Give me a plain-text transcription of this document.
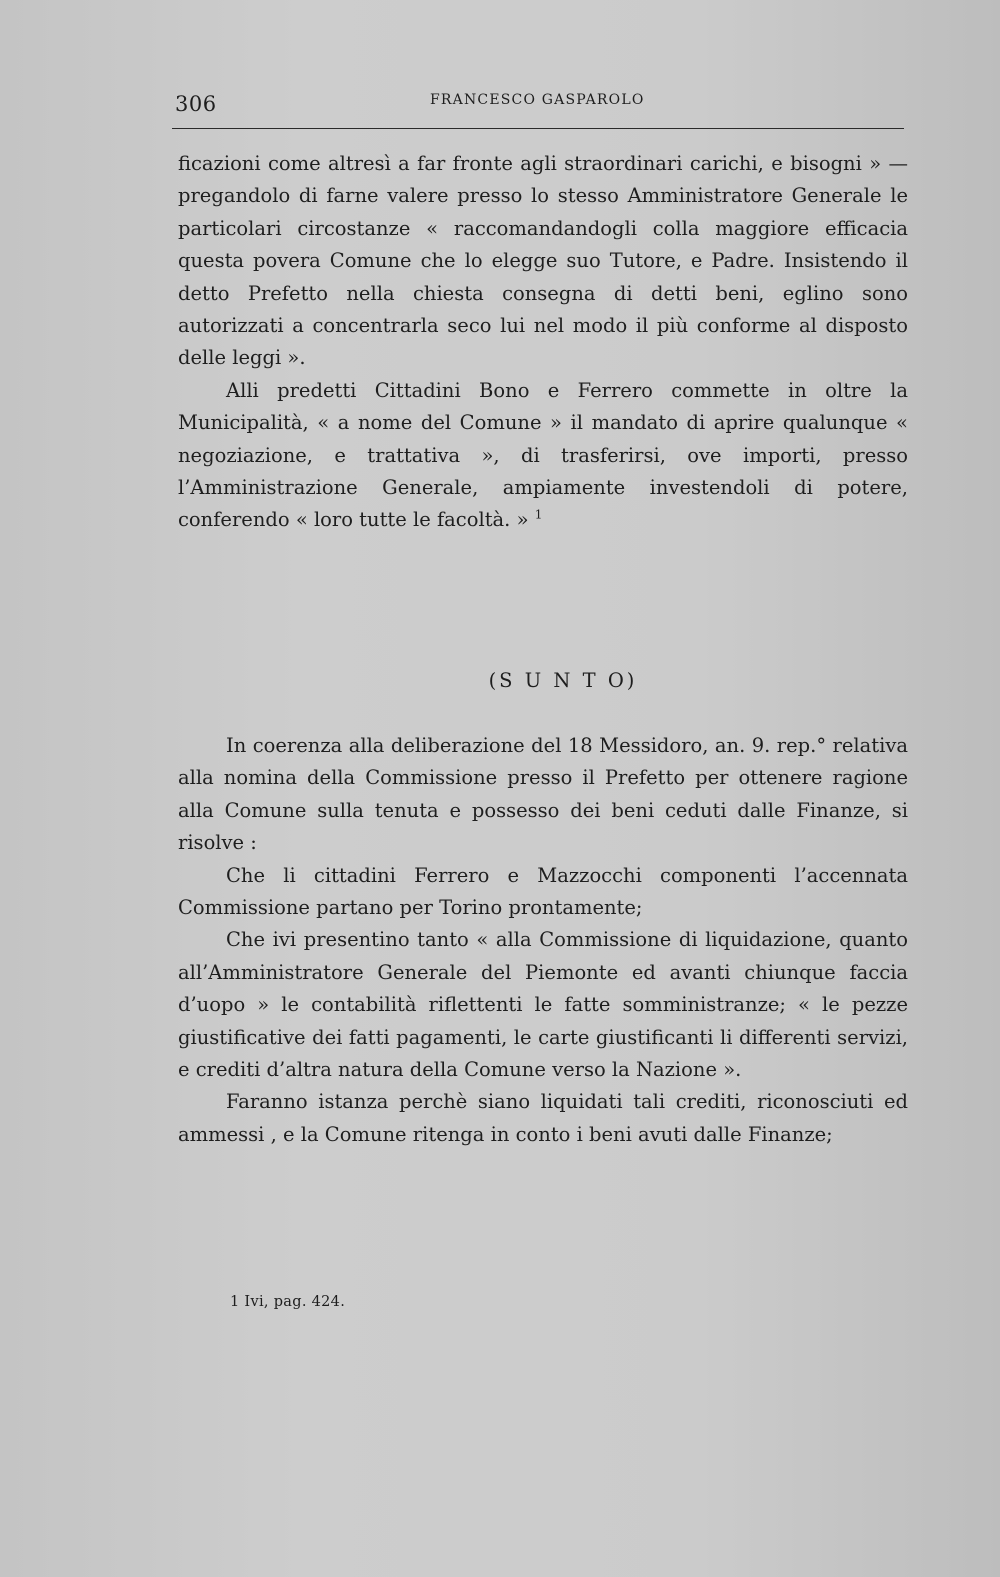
306	FRANCESCO GASPAROLO

ficazioni come altresì a far fronte agli straordinari carichi, e bisogni » — pregandolo di farne valere presso lo stesso Amministratore Generale le particolari circostanze « raccomandandogli colla maggiore efficacia questa povera Comune che lo elegge suo Tutore, e Padre. Insistendo il detto Prefetto nella chiesta consegna di detti beni, eglino sono autorizzati a concentrarla seco lui nel modo il più conforme al disposto delle leggi ».

Alli predetti Cittadini Bono e Ferrero commette in oltre la Municipalità, « a nome del Comune » il mandato di aprire qualunque « negoziazione, e trattativa », di trasferirsi, ove importi, presso l’Amministrazione Generale, ampiamente investendoli di potere, conferendo « loro tutte le facoltà. » $^1$

(S U N T O)

In coerenza alla deliberazione del 18 Messidoro, an. 9. rep.° relativa alla nomina della Commissione presso il Prefetto per ottenere ragione alla Comune sulla tenuta e possesso dei beni ceduti dalle Finanze, si risolve :

Che li cittadini Ferrero e Mazzocchi componenti l’accennata Commissione partano per Torino prontamente;

Che ivi presentino tanto « alla Commissione di liquidazione, quanto all’Amministratore Generale del Piemonte ed avanti chiunque faccia d’uopo » le contabilità riflettenti le fatte somministranze; « le pezze giustificative dei fatti pagamenti, le carte giustificanti li differenti servizi, e crediti d’altra natura della Comune verso la Nazione ».

Faranno istanza perchè siano liquidati tali crediti, riconosciuti ed ammessi , e la Comune ritenga in conto i beni avuti dalle Finanze;

1 Ivi, pag. 424.
